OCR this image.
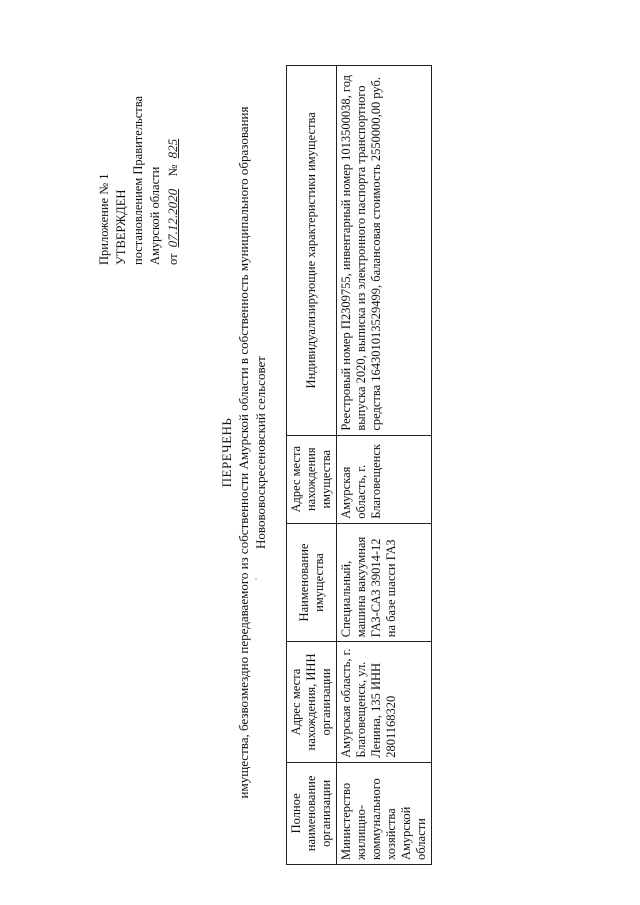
Приложение № 1 УТВЕРЖДЕН постановлением Правительства Амурской области от 07.12.2020   № 825
ПЕРЕЧЕНЬ имущества, безвозмездно передаваемого из собственности Амурской области в собственность муниципального образования Новововоскресеновский сельсовет
Полное наименование организации	Адрес места нахождения, ИНН организации	Наименование имущества	Адрес места нахождения имущества	Индивидуализирующие характеристики имущества
Министерство жилищно-коммунального хозяйства Амурской области	Амурская область, г. Благовещенск, ул. Ленина, 135 ИНН 2801168320	Специальный, машина вакуумная ГАЗ-САЗ 39014-12 на базе шасси ГАЗ	Амурская область, г. Благовещенск	Реестровый номер П2309755, инвентарный номер 1013500038, год выпуска 2020, выписка из электронного паспорта транспортного средства 164301013529499, балансовая стоимость 2550000,00 руб.
